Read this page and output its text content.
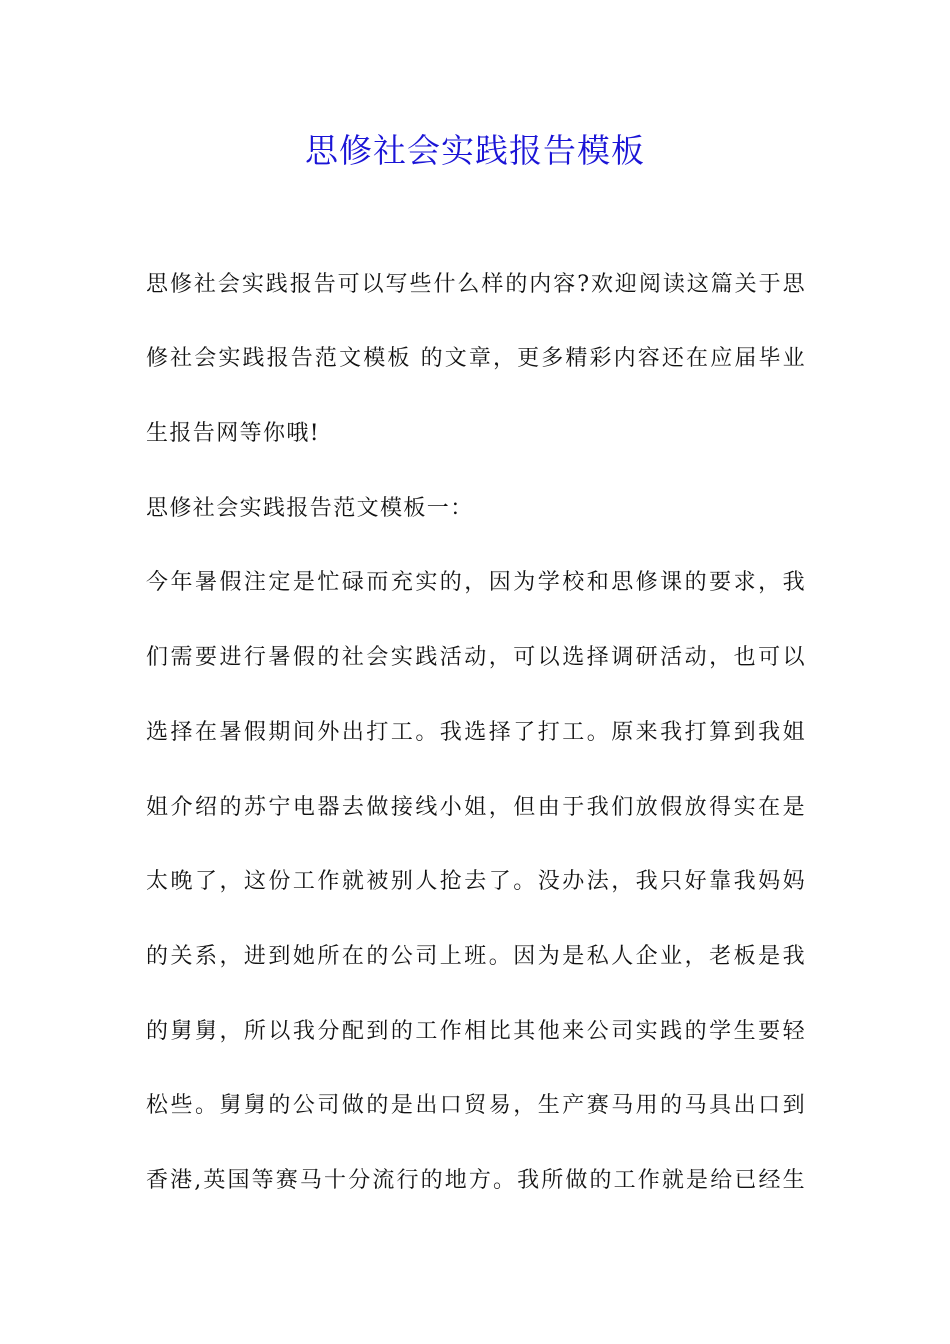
思修社会实践报告模板
思修社会实践报告可以写些什么样的内容?欢迎阅读这篇关于思
修社会实践报告范文模板 的文章，更多精彩内容还在应届毕业
生报告网等你哦!
思修社会实践报告范文模板一：
今年暑假注定是忙碌而充实的，因为学校和思修课的要求，我
们需要进行暑假的社会实践活动，可以选择调研活动，也可以
选择在暑假期间外出打工。我选择了打工。原来我打算到我姐
姐介绍的苏宁电器去做接线小姐，但由于我们放假放得实在是
太晚了，这份工作就被别人抢去了。没办法，我只好靠我妈妈
的关系，进到她所在的公司上班。因为是私人企业，老板是我
的舅舅，所以我分配到的工作相比其他来公司实践的学生要轻
松些。舅舅的公司做的是出口贸易，生产赛马用的马具出口到
香港,英国等赛马十分流行的地方。我所做的工作就是给已经生
